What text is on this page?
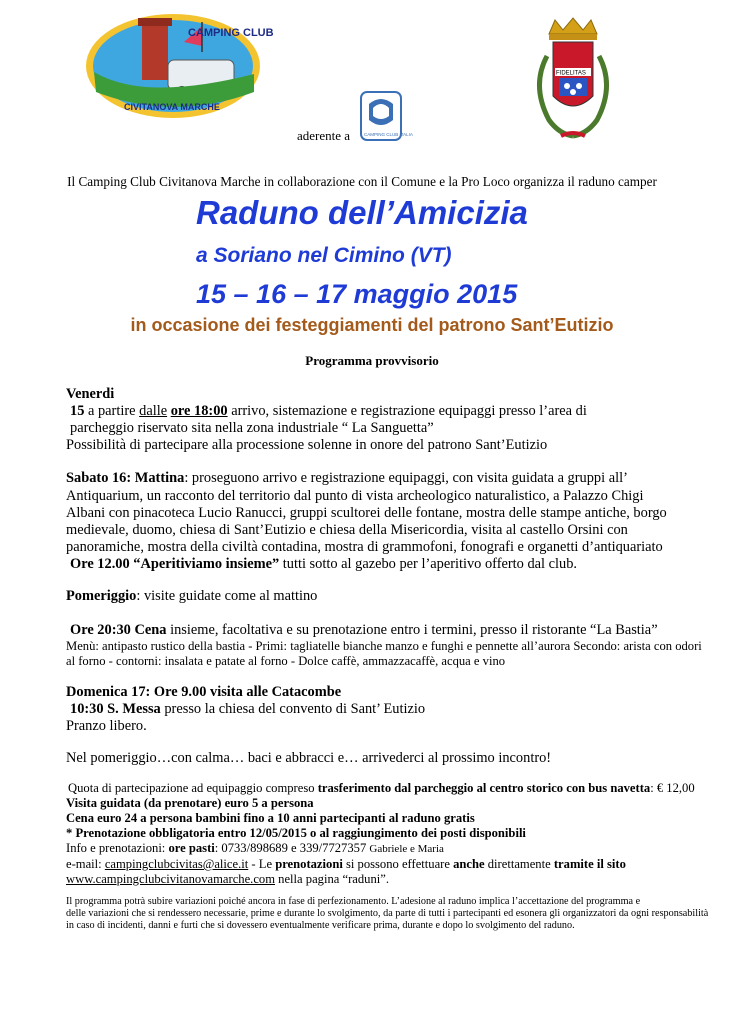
CAMPING CLUB
CIVITANOVA MARCHE
aderente a	CAMPING CLUB ITALIA
FIDELITAS
Il Camping Club Civitanova Marche in collaborazione con il Comune e la Pro Loco organizza il raduno camper
Raduno dell’Amicizia
a Soriano nel Cimino (VT)
15 – 16 – 17 maggio 2015
in occasione dei festeggiamenti del patrono Sant’Eutizio
Programma provvisorio
Venerdi
15 a partire dalle ore 18:00 arrivo, sistemazione e registrazione equipaggi presso l’area di
parcheggio riservato sita nella zona industriale “ La Sanguetta”
Possibilità di partecipare alla processione solenne in onore del patrono Sant’Eutizio
Sabato 16: Mattina: proseguono arrivo e registrazione equipaggi, con visita guidata a gruppi all’
Antiquarium, un racconto del territorio dal punto di vista archeologico naturalistico, a Palazzo Chigi
Albani con pinacoteca Lucio Ranucci, gruppi scultorei delle fontane, mostra delle stampe antiche, borgo
medievale, duomo, chiesa di Sant’Eutizio e chiesa della Misericordia, visita al castello Orsini con
panoramiche, mostra della civiltà contadina, mostra di grammofoni, fonografi e organetti d’antiquariato
Ore 12.00 “Aperitiviamo insieme” tutti sotto al gazebo per l’aperitivo offerto dal club.
Pomeriggio: visite guidate come al mattino
Ore 20:30 Cena insieme, facoltativa e su prenotazione entro i termini, presso il ristorante “La Bastia”
Menù: antipasto rustico della bastia - Primi: tagliatelle bianche manzo e funghi e pennette all’aurora Secondo: arista con odori
al forno - contorni: insalata e patate al forno - Dolce caffè, ammazzacaffè, acqua e vino
Domenica 17: Ore 9.00 visita alle Catacombe
10:30 S. Messa presso la chiesa del convento di Sant’ Eutizio
Pranzo libero.
Nel pomeriggio…con calma… baci e abbracci e… arrivederci al prossimo incontro!
Quota di partecipazione ad equipaggio compreso trasferimento dal parcheggio al centro storico con bus navetta: € 12,00
Visita guidata (da prenotare) euro 5 a persona
Cena euro 24 a persona bambini fino a 10 anni partecipanti al raduno gratis
* Prenotazione obbligatoria entro 12/05/2015 o al raggiungimento dei posti disponibili
Info e prenotazioni: ore pasti: 0733/898689 e 339/7727357 Gabriele e Maria
e-mail: campingclubcivitas@alice.it - Le prenotazioni si possono effettuare anche direttamente tramite il sito
www.campingclubcivitanovamarche.com nella pagina “raduni”.
Il programma potrà subire variazioni poiché ancora in fase di perfezionamento. L’adesione al raduno implica l’accettazione del programma e
delle variazioni che si rendessero necessarie, prime e durante lo svolgimento, da parte di tutti i partecipanti ed esonera gli organizzatori da ogni responsabilità
in caso di incidenti, danni e furti che si dovessero eventualmente verificare prima, durante e dopo lo svolgimento del raduno.
